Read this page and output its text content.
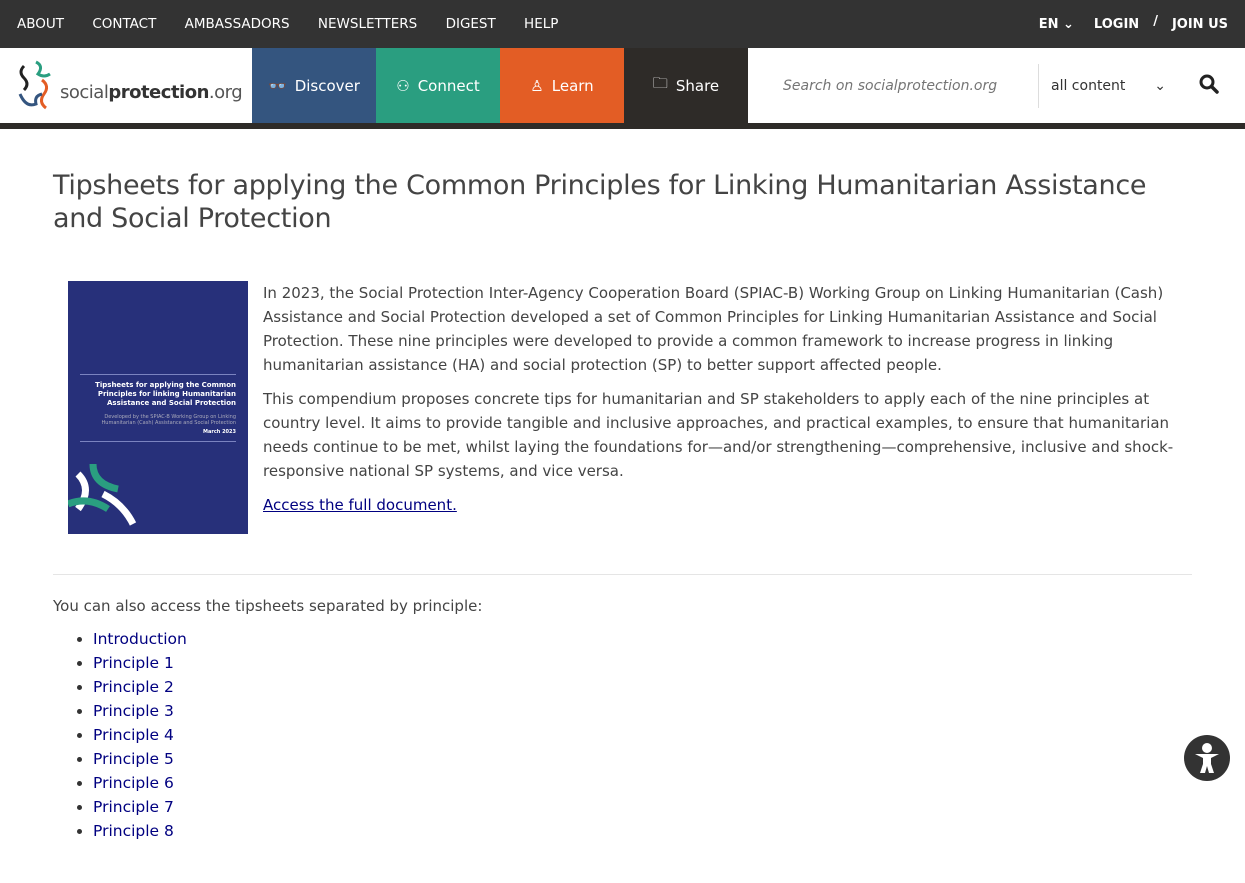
ABOUT CONTACT AMBASSADORS NEWSLETTERS DIGEST HELP	EN ⌄ LOGIN / JOIN US
socialprotection.org 👓 Discover ⚇ Connect	♙ Learn	🗀 Share
Search on socialprotection.org	all content ⌄
Tipsheets for applying the Common Principles for Linking Humanitarian Assistance and Social Protection
Tipsheets for applying the Common Principles for linking Humanitarian Assistance and Social Protection
Developed by the SPIAC-B Working Group on Linking Humanitarian (Cash) Assistance and Social Protection
March 2023

In 2023, the Social Protection Inter-Agency Cooperation Board (SPIAC-B) Working Group on Linking Humanitarian (Cash) Assistance and Social Protection developed a set of Common Principles for Linking Humanitarian Assistance and Social Protection. These nine principles were developed to provide a common framework to increase progress in linking humanitarian assistance (HA) and social protection (SP) to better support affected people.

This compendium proposes concrete tips for humanitarian and SP stakeholders to apply each of the nine principles at country level. It aims to provide tangible and inclusive approaches, and practical examples, to ensure that humanitarian needs continue to be met, whilst laying the foundations for—and/or strengthening—comprehensive, inclusive and shock-responsive national SP systems, and vice versa.

Access the full document.

You can also access the tipsheets separated by principle:
• Introduction
• Principle 1
• Principle 2
• Principle 3
• Principle 4
• Principle 5
• Principle 6
• Principle 7
• Principle 8
